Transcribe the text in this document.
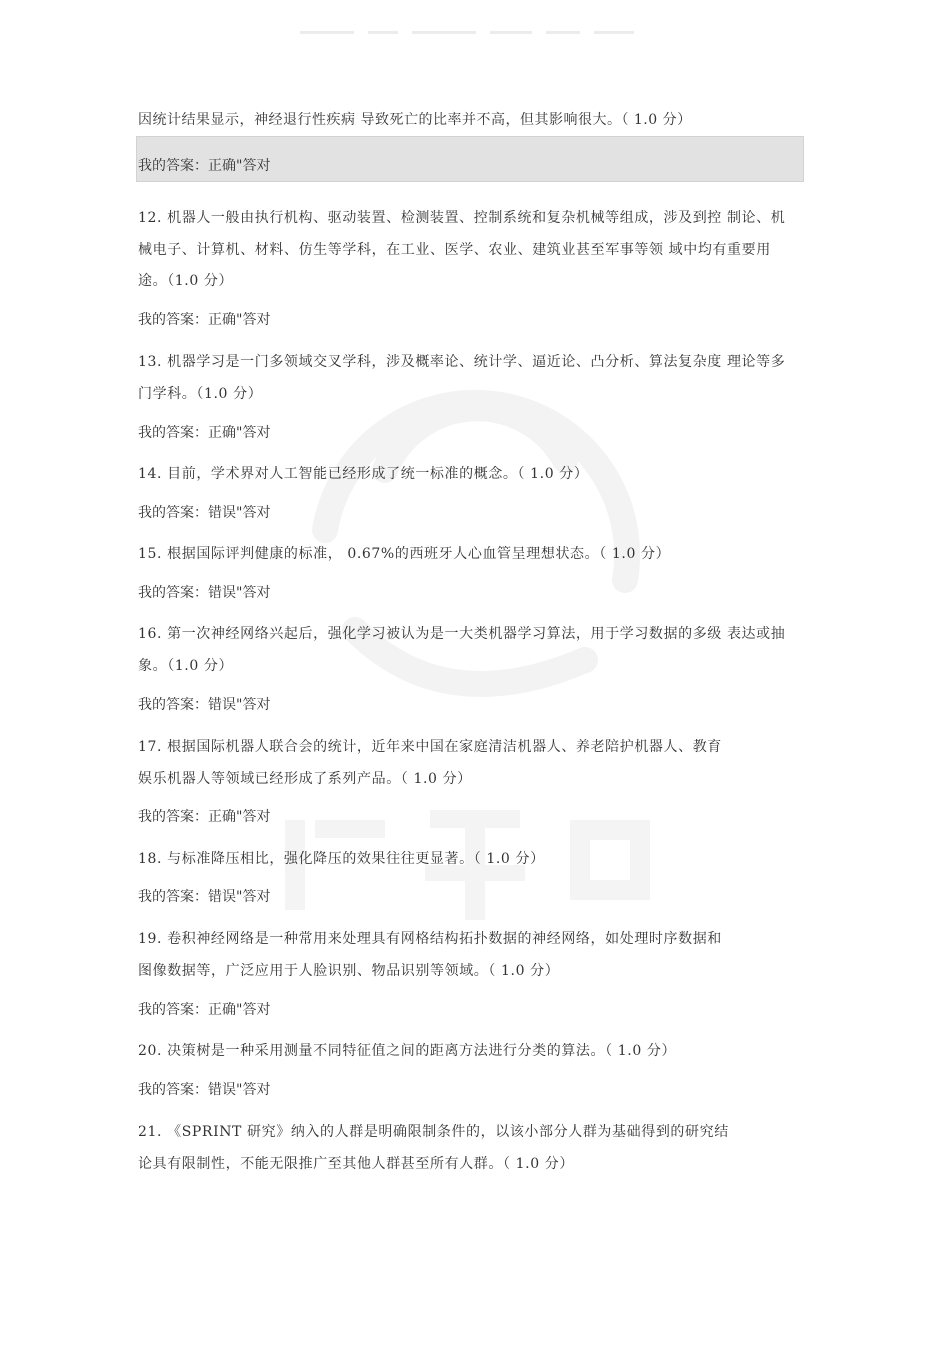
因统计结果显示，神经退行性疾病 导致死亡的比率并不高，但其影响很大。（ 1.0 分）
我的答案：正确"答对
12. 机器人一般由执行机构、驱动装置、检测装置、控制系统和复杂机械等组成，涉及到控 制论、机
械电子、计算机、材料、仿生等学科，在工业、医学、农业、建筑业甚至军事等领 域中均有重要用
途。（1.0 分）
我的答案：正确"答对
13. 机器学习是一门多领域交叉学科，涉及概率论、统计学、逼近论、凸分析、算法复杂度 理论等多
门学科。（1.0 分）
我的答案：正确"答对
14. 目前，学术界对人工智能已经形成了统一标准的概念。（ 1.0 分）
我的答案：错误"答对
15. 根据国际评判健康的标准， 0.67%的西班牙人心血管呈理想状态。（ 1.0 分）
我的答案：错误"答对
16. 第一次神经网络兴起后，强化学习被认为是一大类机器学习算法，用于学习数据的多级 表达或抽
象。（1.0 分）
我的答案：错误"答对
17. 根据国际机器人联合会的统计，近年来中国在家庭清洁机器人、养老陪护机器人、教育
娱乐机器人等领域已经形成了系列产品。（ 1.0 分）
我的答案：正确"答对
18. 与标准降压相比，强化降压的效果往往更显著。（ 1.0 分）
我的答案：错误"答对
19. 卷积神经网络是一种常用来处理具有网格结构拓扑数据的神经网络，如处理时序数据和
图像数据等，广泛应用于人脸识别、物品识别等领域。（ 1.0 分）
我的答案：正确"答对
20. 决策树是一种采用测量不同特征值之间的距离方法进行分类的算法。（ 1.0 分）
我的答案：错误"答对
21. 《SPRINT 研究》纳入的人群是明确限制条件的，以该小部分人群为基础得到的研究结
论具有限制性，不能无限推广至其他人群甚至所有人群。（ 1.0 分）
